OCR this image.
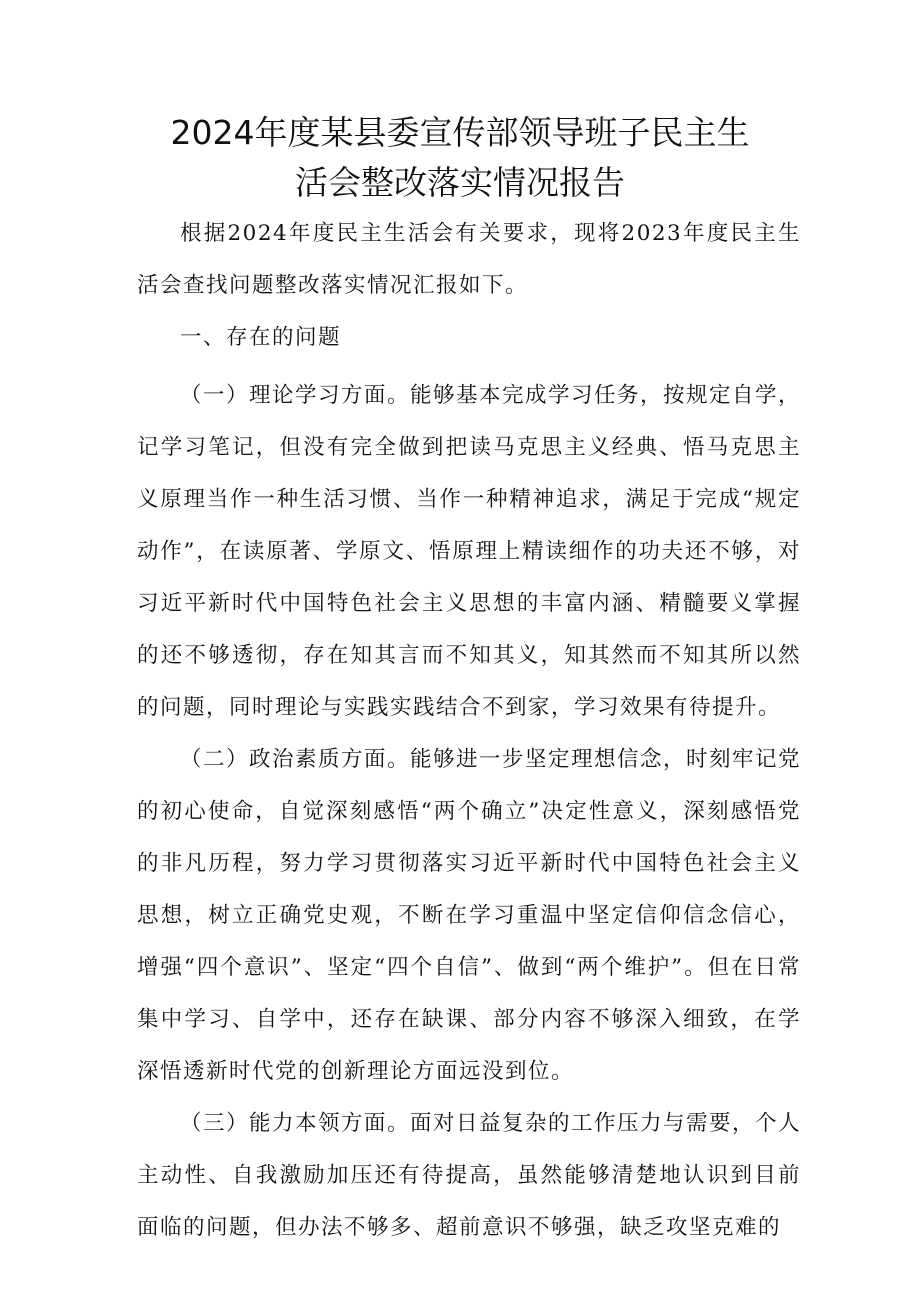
2024年度某县委宣传部领导班子民主生
活会整改落实情况报告

根据2024年度民主生活会有关要求，现将2023年度民主生活会查找问题整改落实情况汇报如下。

一、存在的问题

（一）理论学习方面。能够基本完成学习任务，按规定自学，记学习笔记，但没有完全做到把读马克思主义经典、悟马克思主义原理当作一种生活习惯、当作一种精神追求，满足于完成“规定动作”，在读原著、学原文、悟原理上精读细作的功夫还不够，对习近平新时代中国特色社会主义思想的丰富内涵、精髓要义掌握的还不够透彻，存在知其言而不知其义，知其然而不知其所以然的问题，同时理论与实践实践结合不到家，学习效果有待提升。

（二）政治素质方面。能够进一步坚定理想信念，时刻牢记党的初心使命，自觉深刻感悟“两个确立”决定性意义，深刻感悟党的非凡历程，努力学习贯彻落实习近平新时代中国特色社会主义思想，树立正确党史观，不断在学习重温中坚定信仰信念信心，增强“四个意识”、坚定“四个自信”、做到“两个维护”。但在日常集中学习、自学中，还存在缺课、部分内容不够深入细致，在学深悟透新时代党的创新理论方面远没到位。

（三）能力本领方面。面对日益复杂的工作压力与需要，个人主动性、自我激励加压还有待提高，虽然能够清楚地认识到目前面临的问题，但办法不够多、超前意识不够强，缺乏攻坚克难的
